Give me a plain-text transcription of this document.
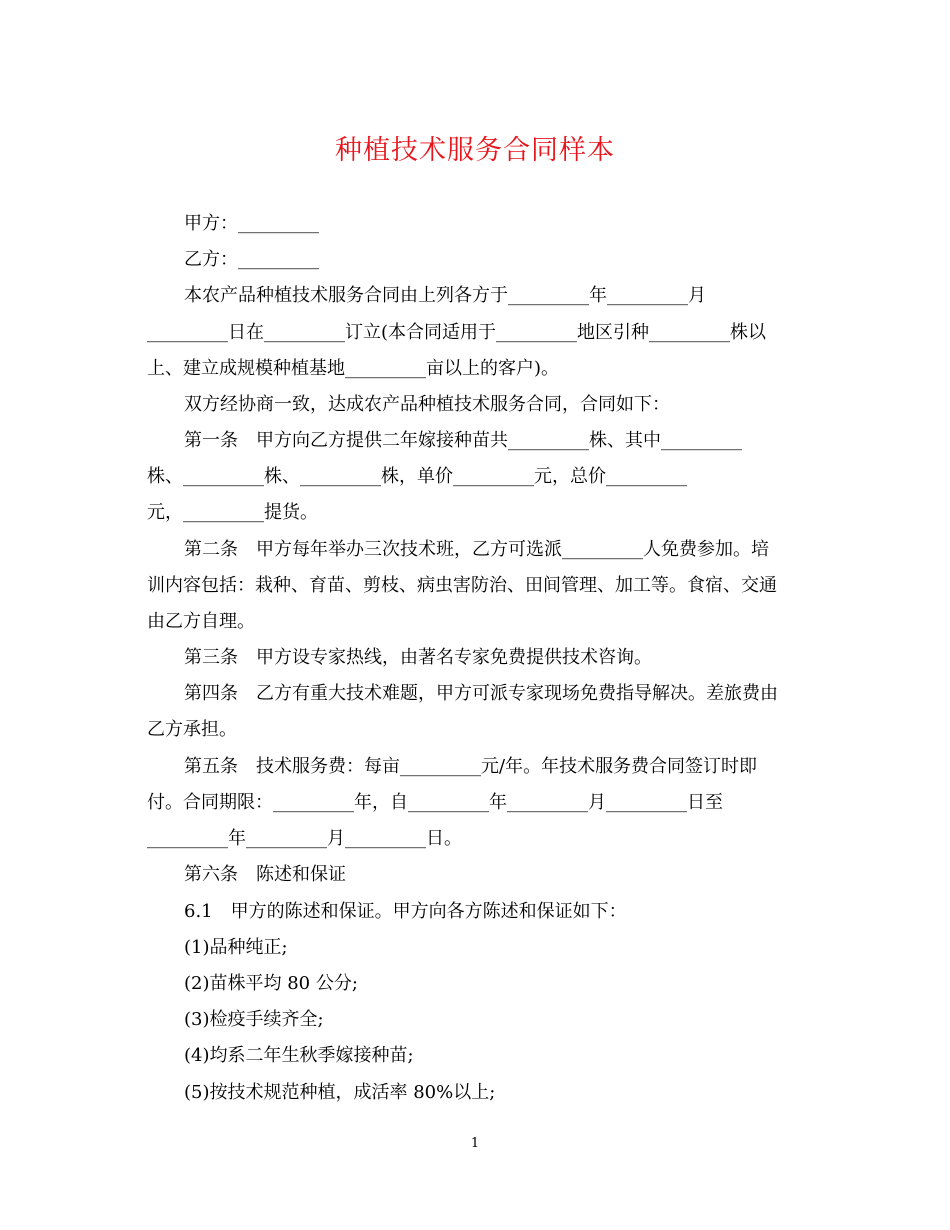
种植技术服务合同样本
甲方：_________
乙方：_________
本农产品种植技术服务合同由上列各方于_________年_________月
_________日在_________订立(本合同适用于_________地区引种_________株以
上、建立成规模种植基地_________亩以上的客户)。
双方经协商一致，达成农产品种植技术服务合同，合同如下：
第一条　甲方向乙方提供二年嫁接种苗共_________株、其中_________
株、_________株、_________株，单价_________元，总价_________
元，_________提货。
第二条　甲方每年举办三次技术班，乙方可选派_________人免费参加。培
训内容包括：栽种、育苗、剪枝、病虫害防治、田间管理、加工等。食宿、交通
由乙方自理。
第三条　甲方设专家热线，由著名专家免费提供技术咨询。
第四条　乙方有重大技术难题，甲方可派专家现场免费指导解决。差旅费由
乙方承担。
第五条　技术服务费：每亩_________元/年。年技术服务费合同签订时即
付。合同期限：_________年，自_________年_________月_________日至
_________年_________月_________日。
第六条　陈述和保证
6.1　甲方的陈述和保证。甲方向各方陈述和保证如下：
(1)品种纯正;
(2)苗株平均 80 公分;
(3)检疫手续齐全;
(4)均系二年生秋季嫁接种苗;
(5)按技术规范种植，成活率 80%以上;
1
